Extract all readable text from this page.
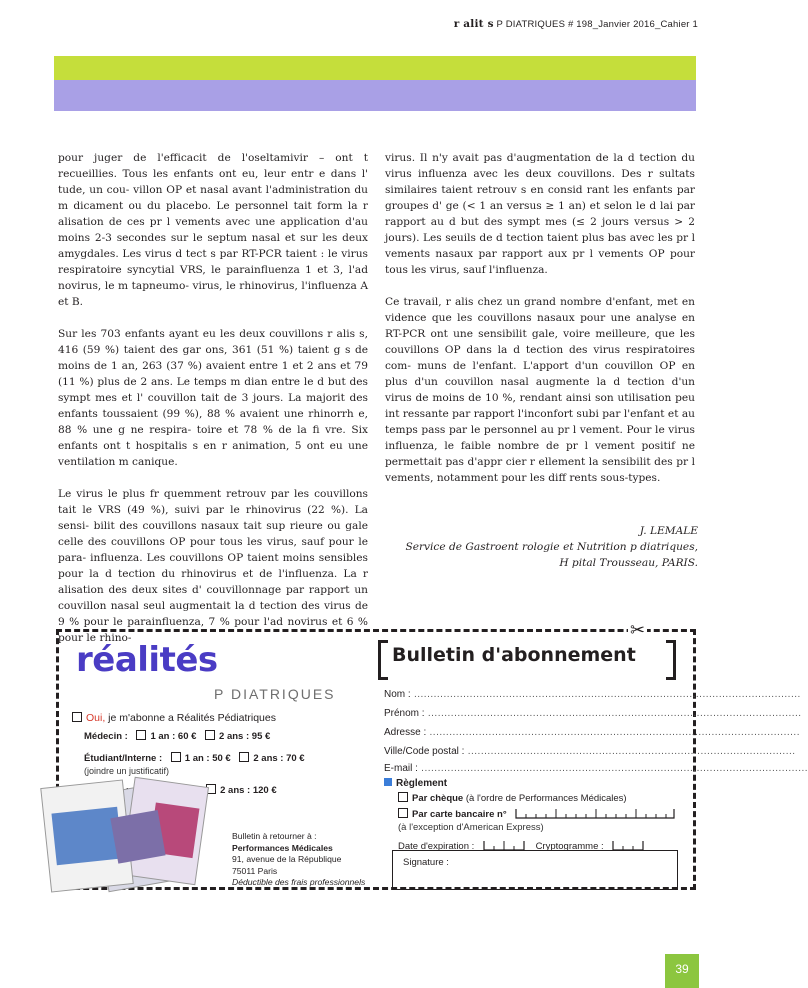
r alit s P DIATRIQUES # 198_Janvier 2016_Cahier 1

pour juger de l'efficacit de l'oseltamivir – ont t recueillies. Tous les enfants ont eu, leur entr e dans l' tude, un cou- villon OP et nasal avant l'administration du m dicament ou du placebo. Le personnel tait form la r alisation de ces pr l vements avec une application d'au moins 2-3 secondes sur le septum nasal et sur les deux amygdales. Les virus d tect s par RT-PCR taient : le virus respiratoire syncytial VRS, le parainfluenza 1 et 3, l'ad novirus, le m tapneumo- virus, le rhinovirus, l'influenza A et B.

Sur les 703 enfants ayant eu les deux couvillons r alis s, 416 (59 %) taient des gar ons, 361 (51 %) taient g s de moins de 1 an, 263 (37 %) avaient entre 1 et 2 ans et 79 (11 %) plus de 2 ans. Le temps m dian entre le d but des sympt mes et l' couvillon tait de 3 jours. La majorit des enfants toussaient (99 %), 88 % avaient une rhinorrh e, 88 % une g ne respira- toire et 78 % de la fi vre. Six enfants ont t hospitalis s en r animation, 5 ont eu une ventilation m canique.

Le virus le plus fr quemment retrouv par les couvillons tait le VRS (49 %), suivi par le rhinovirus (22 %). La sensi- bilit des couvillons nasaux tait sup rieure ou gale celle des couvillons OP pour tous les virus, sauf pour le para- influenza. Les couvillons OP taient moins sensibles pour la d tection du rhinovirus et de l'influenza. La r alisation des deux sites d' couvillonnage par rapport un couvillon nasal seul augmentait la d tection des virus de 9 % pour le parainfluenza, 7 % pour l'ad novirus et 6 % pour le rhino-

virus. Il n'y avait pas d'augmentation de la d tection du virus influenza avec les deux couvillons. Des r sultats similaires taient retrouv s en consid rant les enfants par groupes d' ge (< 1 an versus ≥ 1 an) et selon le d lai par rapport au d but des sympt mes (≤ 2 jours versus > 2 jours). Les seuils de d tection taient plus bas avec les pr l vements nasaux par rapport aux pr l vements OP pour tous les virus, sauf l'influenza.

Ce travail, r alis chez un grand nombre d'enfant, met en vidence que les couvillons nasaux pour une analyse en RT-PCR ont une sensibilit gale, voire meilleure, que les couvillons OP dans la d tection des virus respiratoires com- muns de l'enfant. L'apport d'un couvillon OP en plus d'un couvillon nasal augmente la d tection d'un virus de moins de 10 %, rendant ainsi son utilisation peu int ressante par rapport l'inconfort subi par l'enfant et au temps pass par le personnel au pr l vement. Pour le virus influenza, le faible nombre de pr l vement positif ne permettait pas d'appr cier r ellement la sensibilit des pr l vements, notamment pour les diff rents sous-types.

J. LEMALE
Service de Gastroent rologie et Nutrition p diatriques,
H pital Trousseau, PARIS.
✂
réalités
P DIATRIQUES
Oui, je m'abonne a Réalités Pédiatriques
Médecin : 1 an : 60 € 2 ans : 95 €
Étudiant/Interne : 1 an : 50 € 2 ans : 70 €
(joindre un justificatif)
2 ans : 120 €
Bulletin à retourner à :
Performances Médicales
91, avenue de la République
75011 Paris
Déductible des frais professionnels
Bulletin d'abonnement
Nom : ......................................................................................................................
Prénom : ..................................................................................................................
Adresse : .................................................................................................................
Ville/Code postal : ....................................................................................................
E-mail : ......................................................................................................................
Règlement
Par chèque (à l'ordre de Performances Médicales)
Par carte bancaire n°
(à l'exception d'American Express)
Date d'expiration :	Cryptogramme :
Signature :
39
